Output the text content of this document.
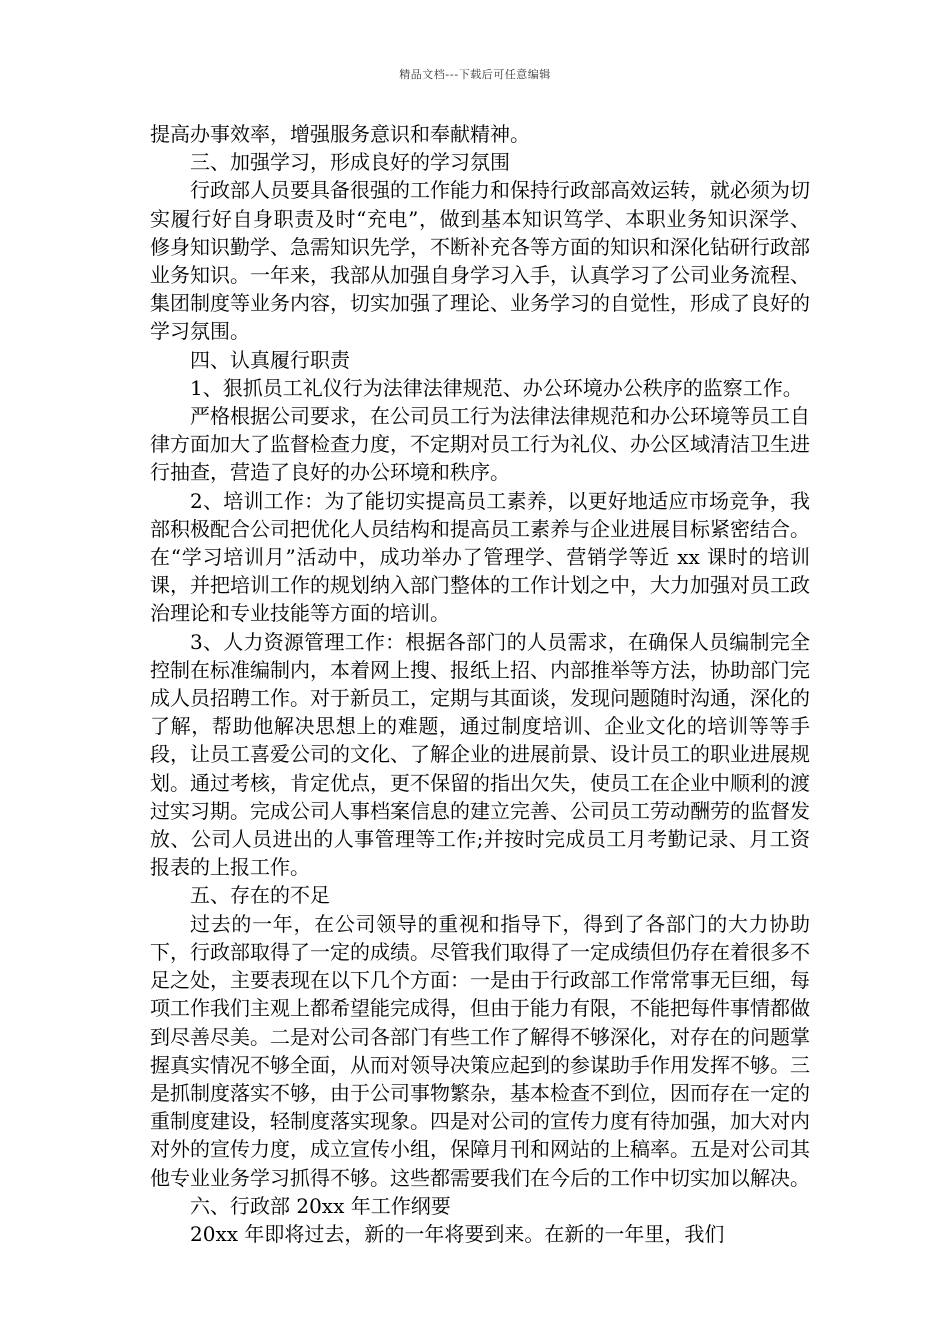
精品文档---下载后可任意编辑

提高办事效率，增强服务意识和奉献精神。

三、加强学习，形成良好的学习氛围

行政部人员要具备很强的工作能力和保持行政部高效运转，就必须为切实履行好自身职责及时“充电”，做到基本知识笃学、本职业务知识深学、修身知识勤学、急需知识先学，不断补充各等方面的知识和深化钻研行政部业务知识。一年来，我部从加强自身学习入手，认真学习了公司业务流程、集团制度等业务内容，切实加强了理论、业务学习的自觉性，形成了良好的学习氛围。

四、认真履行职责

1、狠抓员工礼仪行为法律法律规范、办公环境办公秩序的监察工作。

严格根据公司要求，在公司员工行为法律法律规范和办公环境等员工自律方面加大了监督检查力度，不定期对员工行为礼仪、办公区域清洁卫生进行抽查，营造了良好的办公环境和秩序。

2、培训工作：为了能切实提高员工素养，以更好地适应市场竞争，我部积极配合公司把优化人员结构和提高员工素养与企业进展目标紧密结合。在“学习培训月”活动中，成功举办了管理学、营销学等近 xx 课时的培训课，并把培训工作的规划纳入部门整体的工作计划之中，大力加强对员工政治理论和专业技能等方面的培训。

3、人力资源管理工作：根据各部门的人员需求，在确保人员编制完全控制在标准编制内，本着网上搜、报纸上招、内部推举等方法，协助部门完成人员招聘工作。对于新员工，定期与其面谈，发现问题随时沟通，深化的了解，帮助他解决思想上的难题，通过制度培训、企业文化的培训等等手段，让员工喜爱公司的文化、了解企业的进展前景、设计员工的职业进展规划。通过考核，肯定优点，更不保留的指出欠失，使员工在企业中顺利的渡过实习期。完成公司人事档案信息的建立完善、公司员工劳动酬劳的监督发放、公司人员进出的人事管理等工作;并按时完成员工月考勤记录、月工资报表的上报工作。

五、存在的不足

过去的一年，在公司领导的重视和指导下，得到了各部门的大力协助下，行政部取得了一定的成绩。尽管我们取得了一定成绩但仍存在着很多不足之处，主要表现在以下几个方面：一是由于行政部工作常常事无巨细，每项工作我们主观上都希望能完成得，但由于能力有限，不能把每件事情都做到尽善尽美。二是对公司各部门有些工作了解得不够深化，对存在的问题掌握真实情况不够全面，从而对领导决策应起到的参谋助手作用发挥不够。三是抓制度落实不够，由于公司事物繁杂，基本检查不到位，因而存在一定的重制度建设，轻制度落实现象。四是对公司的宣传力度有待加强，加大对内对外的宣传力度，成立宣传小组，保障月刊和网站的上稿率。五是对公司其他专业业务学习抓得不够。这些都需要我们在今后的工作中切实加以解决。

六、行政部 20xx 年工作纲要

20xx 年即将过去，新的一年将要到来。在新的一年里，我们
